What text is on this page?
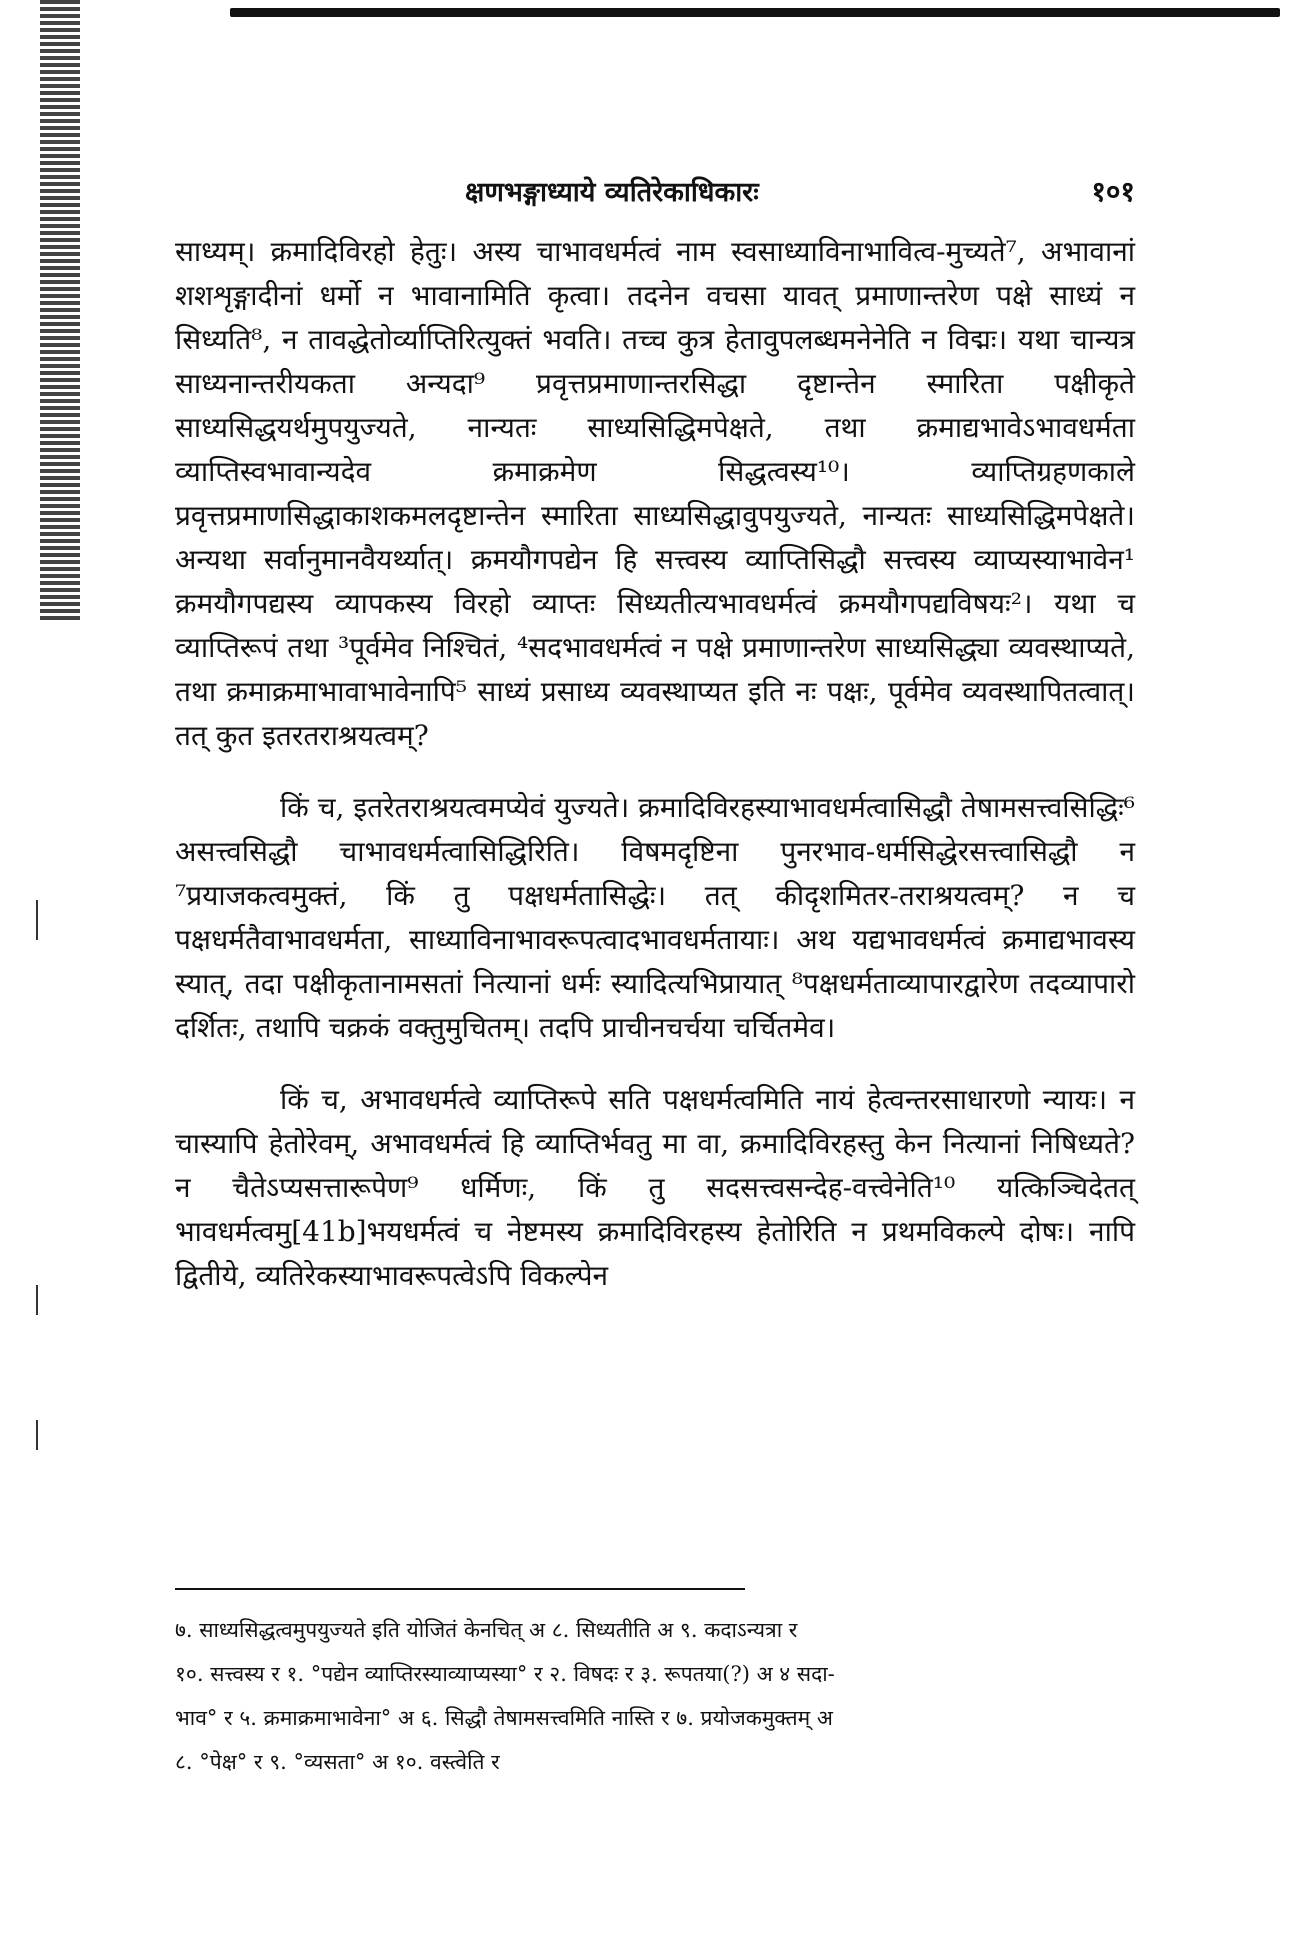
क्षणभङ्गाध्याये व्यतिरेकाधिकारः	१०१

साध्यम्। क्रमादिविरहो हेतुः। अस्य चाभावधर्मत्वं नाम स्वसाध्याविनाभावित्व-मुच्यते⁷, अभावानां शशशृङ्गादीनां धर्मो न भावानामिति कृत्वा। तदनेन वचसा यावत् प्रमाणान्तरेण पक्षे साध्यं न सिध्यति⁸, न तावद्धेतोर्व्याप्तिरित्युक्तं भवति। तच्च कुत्र हेतावुपलब्धमनेनेति न विद्मः। यथा चान्यत्र साध्यनान्तरीयकता अन्यदा⁹ प्रवृत्तप्रमाणान्तरसिद्धा दृष्टान्तेन स्मारिता पक्षीकृते साध्यसिद्धयर्थमुपयुज्यते, नान्यतः साध्यसिद्धिमपेक्षते, तथा क्रमाद्यभावेऽभावधर्मता व्याप्तिस्वभावान्यदेव क्रमाक्रमेण सिद्धत्वस्य¹⁰। व्याप्तिग्रहणकाले प्रवृत्तप्रमाणसिद्धाकाशकमलदृष्टान्तेन स्मारिता साध्यसिद्धावुपयुज्यते, नान्यतः साध्यसिद्धिमपेक्षते। अन्यथा सर्वानुमानवैयर्थ्यात्। क्रमयौगपद्येन हि सत्त्वस्य व्याप्तिसिद्धौ सत्त्वस्य व्याप्यस्याभावेन¹ क्रमयौगपद्यस्य व्यापकस्य विरहो व्याप्तः सिध्यतीत्यभावधर्मत्वं क्रमयौगपद्यविषयः²। यथा च व्याप्तिरूपं तथा ³पूर्वमेव निश्चितं, ⁴सदभावधर्मत्वं न पक्षे प्रमाणान्तरेण साध्यसिद्ध्या व्यवस्थाप्यते, तथा क्रमाक्रमाभावाभावेनापि⁵ साध्यं प्रसाध्य व्यवस्थाप्यत इति नः पक्षः, पूर्वमेव व्यवस्थापितत्वात्। तत् कुत इतरतराश्रयत्वम्?

किं च, इतरेतराश्रयत्वमप्येवं युज्यते। क्रमादिविरहस्याभावधर्मत्वासिद्धौ तेषामसत्त्वसिद्धिः⁶ असत्त्वसिद्धौ चाभावधर्मत्वासिद्धिरिति। विषमदृष्टिना पुनरभाव-धर्मसिद्धेरसत्त्वासिद्धौ न ⁷प्रयाजकत्वमुक्तं, किं तु पक्षधर्मतासिद्धेः। तत् कीदृशमितर-तराश्रयत्वम्? न च पक्षधर्मतैवाभावधर्मता, साध्याविनाभावरूपत्वादभावधर्मतायाः। अथ यद्यभावधर्मत्वं क्रमाद्यभावस्य स्यात्, तदा पक्षीकृतानामसतां नित्यानां धर्मः स्यादित्यभिप्रायात् ⁸पक्षधर्मताव्यापारद्वारेण तदव्यापारो दर्शितः, तथापि चक्रकं वक्तुमुचितम्। तदपि प्राचीनचर्चया चर्चितमेव।

किं च, अभावधर्मत्वे व्याप्तिरूपे सति पक्षधर्मत्वमिति नायं हेत्वन्तरसाधारणो न्यायः। न चास्यापि हेतोरेवम्, अभावधर्मत्वं हि व्याप्तिर्भवतु मा वा, क्रमादिविरहस्तु केन नित्यानां निषिध्यते? न चैतेऽप्यसत्तारूपेण⁹ धर्मिणः, किं तु सदसत्त्वसन्देह-वत्त्वेनेति¹⁰ यत्किञ्चिदेतत् भावधर्मत्वमु[41b]भयधर्मत्वं च नेष्टमस्य क्रमादिविरहस्य हेतोरिति न प्रथमविकल्पे दोषः। नापि द्वितीये, व्यतिरेकस्याभावरूपत्वेऽपि विकल्पेन

७. साध्यसिद्धत्वमुपयुज्यते इति योजितं केनचित् अ ८. सिध्यतीति अ ९. कदाऽन्यत्रा र

१०. सत्त्वस्य र १. °पद्येन व्याप्तिरस्याव्याप्यस्या° र २. विषदः र ३. रूपतया(?) अ ४ सदा-

भाव° र ५. क्रमाक्रमाभावेना° अ ६. सिद्धौ तेषामसत्त्वमिति नास्ति र ७. प्रयोजकमुक्तम् अ

८. °पेक्ष° र ९. °व्यसता° अ १०. वस्त्वेति र
